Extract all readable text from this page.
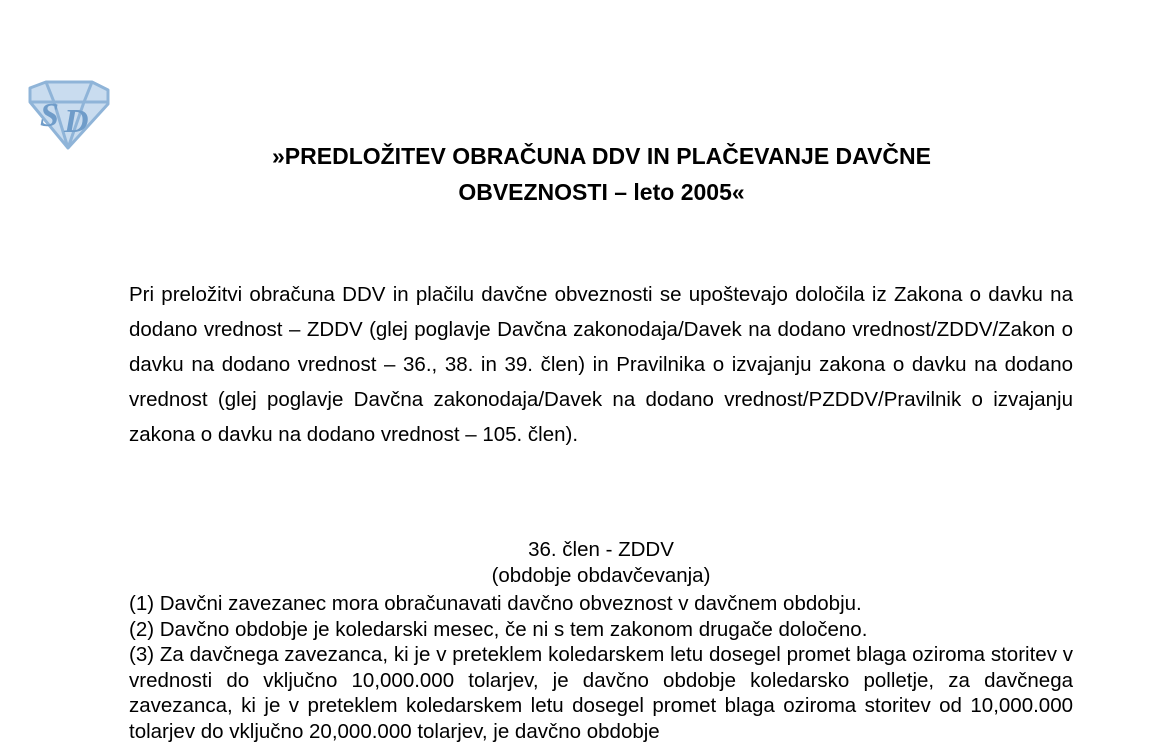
S D
»PREDLOŽITEV OBRAČUNA DDV IN PLAČEVANJE DAVČNE
OBVEZNOSTI – leto 2005«

Pri preložitvi obračuna DDV in plačilu davčne obveznosti se upoštevajo določila iz Zakona o davku na dodano vrednost – ZDDV (glej poglavje Davčna zakonodaja/Davek na dodano vrednost/ZDDV/Zakon o davku na dodano vrednost – 36., 38. in 39. člen) in Pravilnika o izvajanju zakona o davku na dodano vrednost (glej poglavje Davčna zakonodaja/Davek na dodano vrednost/PZDDV/Pravilnik o izvajanju zakona o davku na dodano vrednost – 105. člen).

36. člen - ZDDV
(obdobje obdavčevanja)

(1) Davčni zavezanec mora obračunavati davčno obveznost v davčnem obdobju.

(2) Davčno obdobje je koledarski mesec, če ni s tem zakonom drugače določeno.

(3) Za davčnega zavezanca, ki je v preteklem koledarskem letu dosegel promet blaga oziroma storitev v vrednosti do vključno 10,000.000 tolarjev, je davčno obdobje koledarsko polletje, za davčnega zavezanca, ki je v preteklem koledarskem letu dosegel promet blaga oziroma storitev od 10,000.000 tolarjev do vključno 20,000.000 tolarjev, je davčno obdobje
